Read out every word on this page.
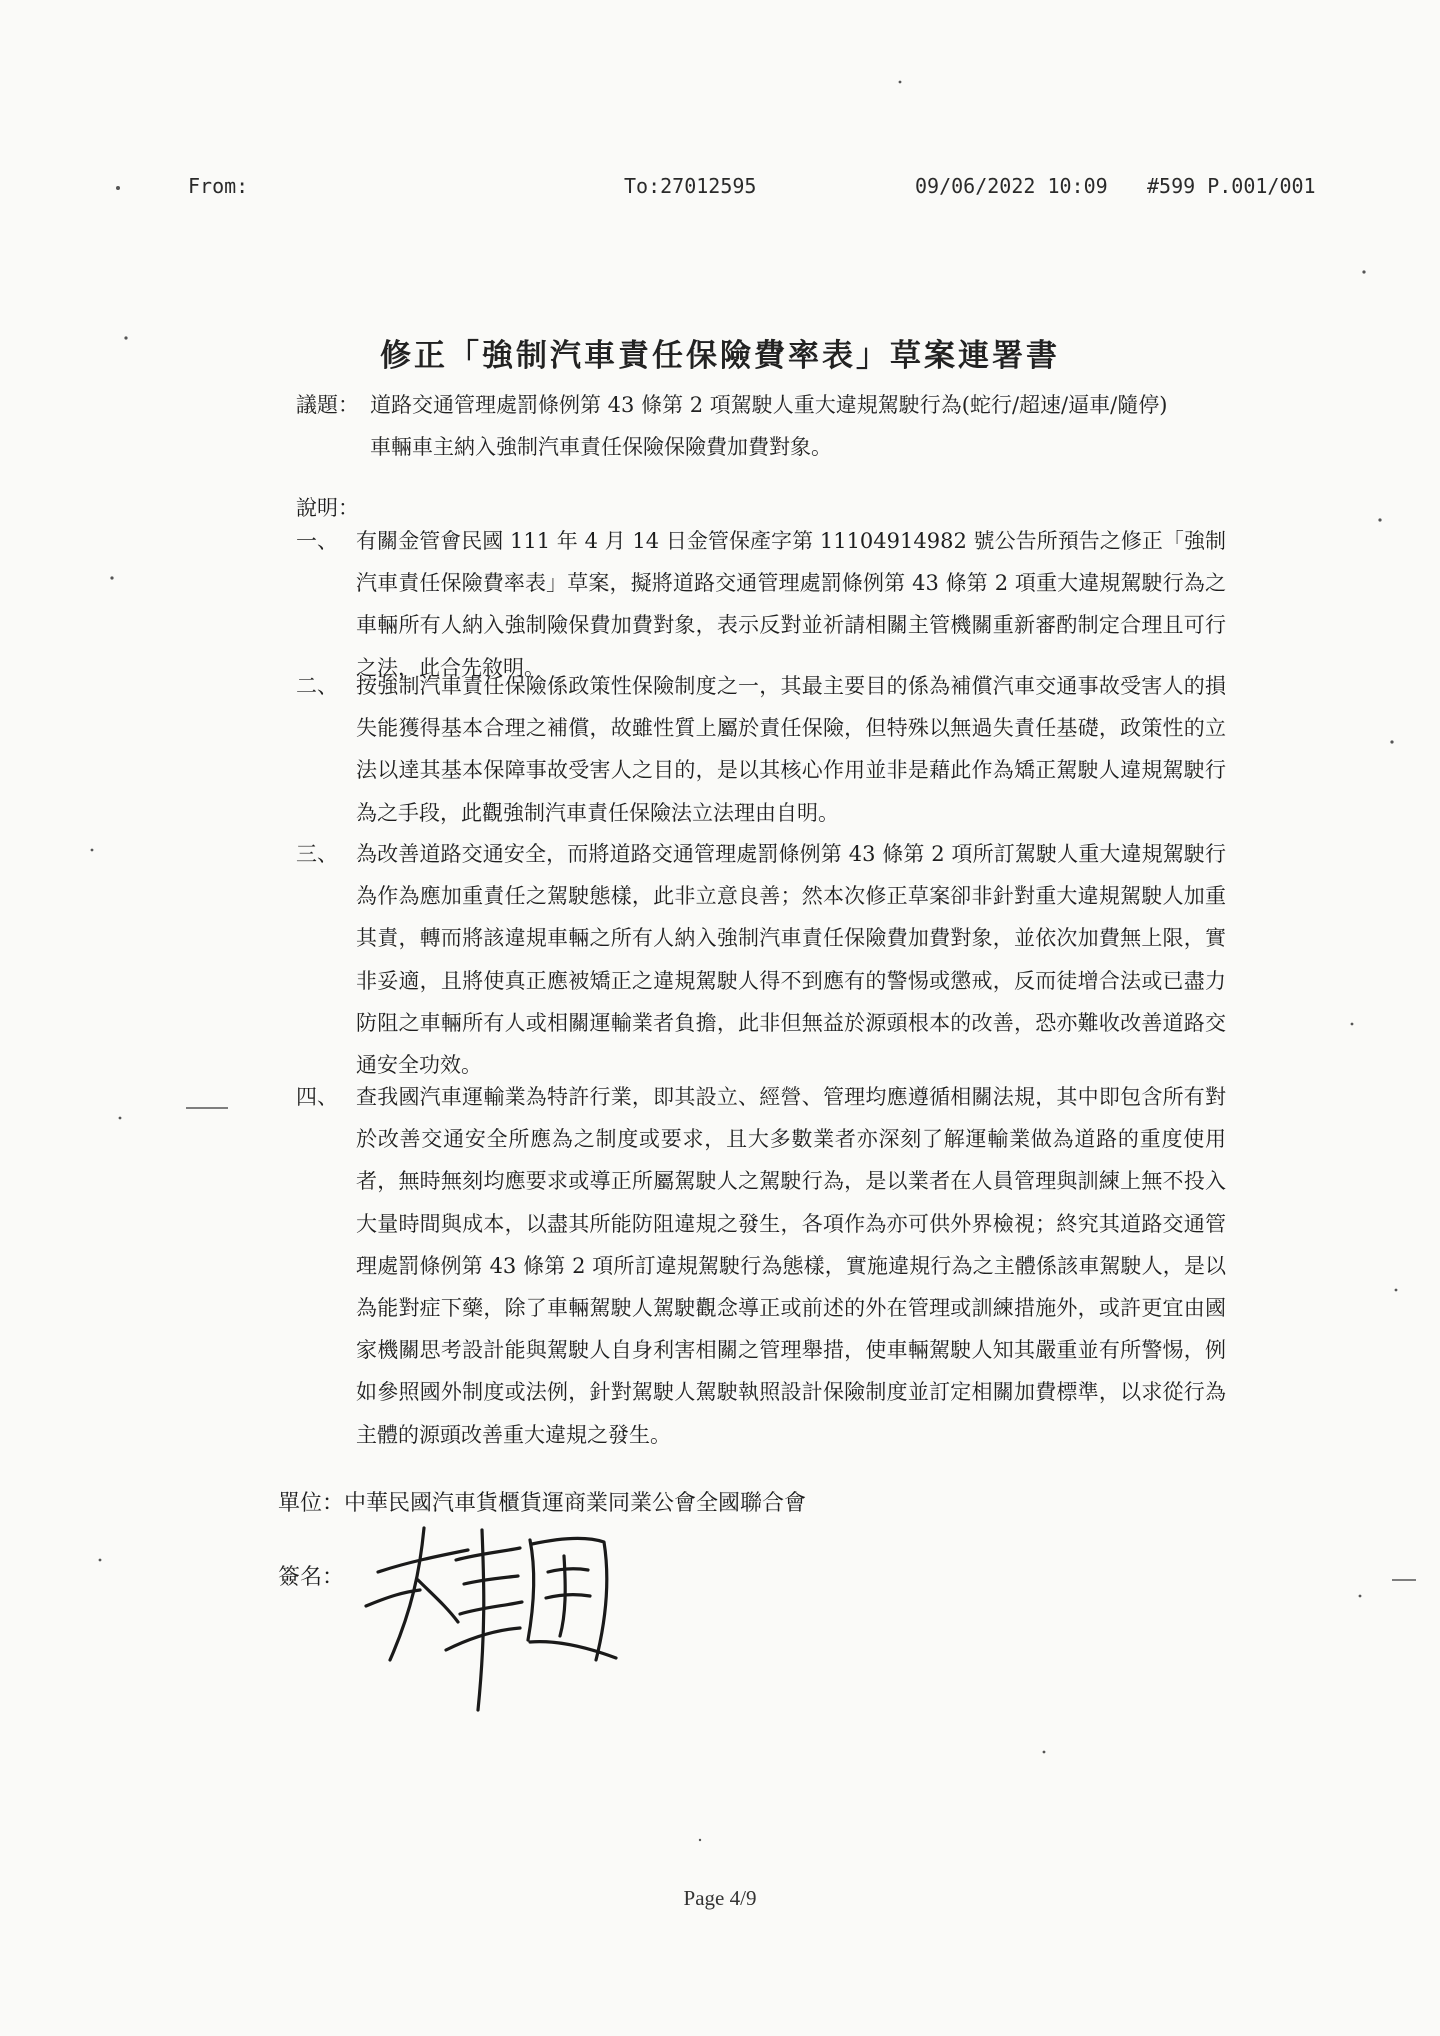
From:	To:27012595	09/06/2022 10:09 #599 P.001/001
修正「強制汽車責任保險費率表」草案連署書
議題： 道路交通管理處罰條例第 43 條第 2 項駕駛人重大違規駕駛行為(蛇行/超速/逼車/隨停)車輛車主納入強制汽車責任保險保險費加費對象。
說明：
一、 有關金管會民國 111 年 4 月 14 日金管保產字第 11104914982 號公告所預告之修正「強制汽車責任保險費率表」草案，擬將道路交通管理處罰條例第 43 條第 2 項重大違規駕駛行為之車輛所有人納入強制險保費加費對象，表示反對並祈請相關主管機關重新審酌制定合理且可行之法，此合先敘明。
二、 按強制汽車責任保險係政策性保險制度之一，其最主要目的係為補償汽車交通事故受害人的損失能獲得基本合理之補償，故雖性質上屬於責任保險，但特殊以無過失責任基礎，政策性的立法以達其基本保障事故受害人之目的，是以其核心作用並非是藉此作為矯正駕駛人違規駕駛行為之手段，此觀強制汽車責任保險法立法理由自明。
三、 為改善道路交通安全，而將道路交通管理處罰條例第 43 條第 2 項所訂駕駛人重大違規駕駛行為作為應加重責任之駕駛態樣，此非立意良善；然本次修正草案卻非針對重大違規駕駛人加重其責，轉而將該違規車輛之所有人納入強制汽車責任保險費加費對象，並依次加費無上限，實非妥適，且將使真正應被矯正之違規駕駛人得不到應有的警惕或懲戒，反而徒增合法或已盡力防阻之車輛所有人或相關運輸業者負擔，此非但無益於源頭根本的改善，恐亦難收改善道路交通安全功效。
四、 查我國汽車運輸業為特許行業，即其設立、經營、管理均應遵循相關法規，其中即包含所有對於改善交通安全所應為之制度或要求，且大多數業者亦深刻了解運輸業做為道路的重度使用者，無時無刻均應要求或導正所屬駕駛人之駕駛行為，是以業者在人員管理與訓練上無不投入大量時間與成本，以盡其所能防阻違規之發生，各項作為亦可供外界檢視；終究其道路交通管理處罰條例第 43 條第 2 項所訂違規駕駛行為態樣，實施違規行為之主體係該車駕駛人，是以為能對症下藥，除了車輛駕駛人駕駛觀念導正或前述的外在管理或訓練措施外，或許更宜由國家機關思考設計能與駕駛人自身利害相關之管理舉措，使車輛駕駛人知其嚴重並有所警惕，例如參照國外制度或法例，針對駕駛人駕駛執照設計保險制度並訂定相關加費標準，以求從行為主體的源頭改善重大違規之發生。
單位：中華民國汽車貨櫃貨運商業同業公會全國聯合會
簽名：
Page 4/9
